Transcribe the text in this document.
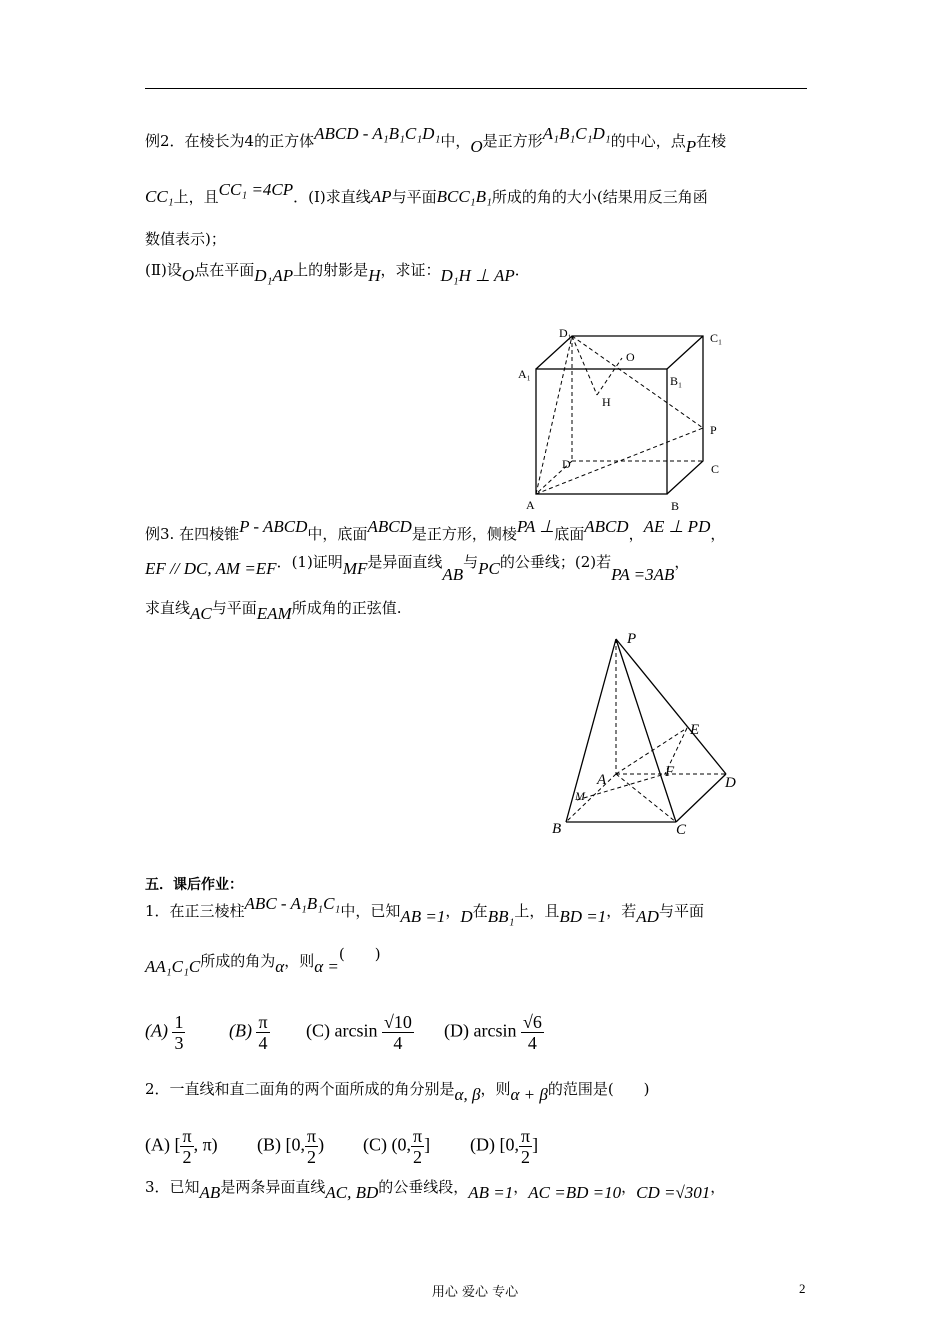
例2．在棱长为4的正方体ABCD - A₁B₁C₁D₁中，O是正方形A₁B₁C₁D₁的中心，点P在棱
CC₁上，且CC₁ =4CP．(Ⅰ)求直线AP与平面BCC₁B₁所成的角的大小(结果用反三角函
数值表示)；
(Ⅱ)设O点在平面D₁AP上的射影是H，求证：D₁H ⊥ AP．
D₁	C₁
A₁	B₁
O
H
P
D	C
A	B
例3. 在四棱锥P - ABCD中，底面ABCD是正方形，侧棱PA ⊥底面ABCD，AE ⊥ PD，
EF // DC, AM =EF．(1)证明MF是异面直线AB与PC的公垂线；(2)若PA =3AB，
求直线AC与平面EAM所成角的正弦值.
P
E
F
A	D
M
B	C
五．课后作业：
1．在正三棱柱ABC - A₁B₁C₁中，已知AB =1，D在BB₁上，且BD =1，若AD与平面
AA₁C₁C所成的角为α，则α =(　　)
$(A) \frac{1}{3} (B) \frac{\pi}{4} (C)$ $\arcsin \frac{√10}{4} (D)$ $\arcsin \frac{√6}{4}$
2．一直线和直二面角的两个面所成的角分别是α, β，则α + β的范围是(　　)
(A) [ $\frac{\pi}{2}$ , π) (B) [0, $\frac{\pi}{2}$ ) (C) (0, $\frac{\pi}{2}$ ] (D) [0, $\frac{\pi}{2}$ ]
3．已知AB是两条异面直线AC, BD的公垂线段，AB =1，AC =BD =10，CD =√301，
用心 爱心 专心	2
